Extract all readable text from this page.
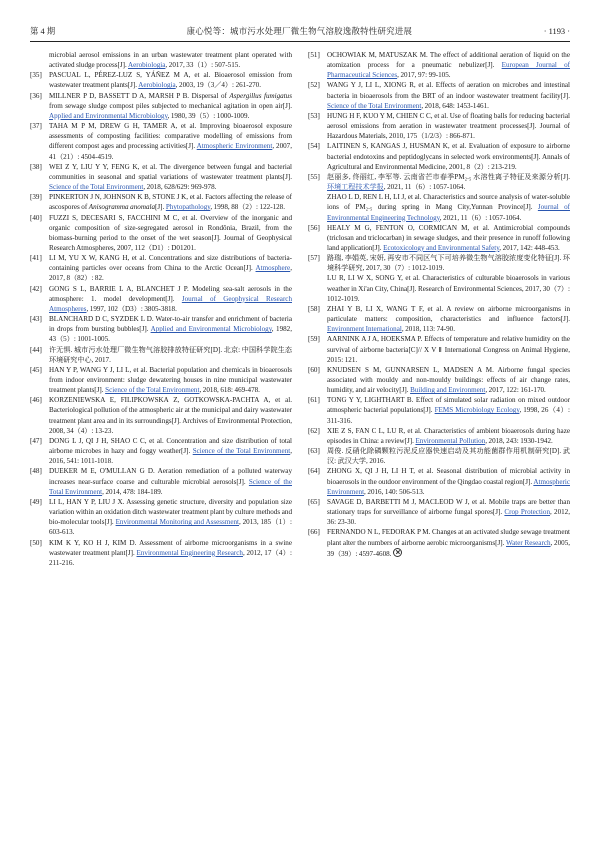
第 4 期	康心悦等：城市污水处理厂微生物气溶胶逸散特性研究进展	· 1193 ·
microbial aerosol emissions in an urban wastewater treatment plant operated with activated sludge process[J]. Aerobiologia, 2017, 33（1）: 507-515.
[35]	PASCUAL L, PÉREZ-LUZ S, YÁÑEZ M A, et al. Bioaerosol emission from wastewater treatment plants[J]. Aerobiologia, 2003, 19（3／4）: 261-270.
[36]	MILLNER P D, BASSETT D A, MARSH P B. Dispersal of Aspergillus fumigatus from sewage sludge compost piles subjected to mechanical agitation in open air[J]. Applied and Environmental Microbiology, 1980, 39（5）: 1000-1009.
[37]	TAHA M P M, DREW G H, TAMER A, et al. Improving bioaerosol exposure assessments of composting facilities: comparative modelling of emissions from different compost ages and processing activities[J]. Atmospheric Environment, 2007, 41（21）: 4504-4519.
[38]	WEI Z Y, LIU Y Y, FENG K, et al. The divergence between fungal and bacterial communities in seasonal and spatial variations of wastewater treatment plants[J]. Science of the Total Environment, 2018, 628/629: 969-978.
[39]	PINKERTON J N, JOHNSON K B, STONE J K, et al. Factors affecting the release of ascospores of Anisogramma anomala[J]. Phytopathology, 1998, 88（2）: 122-128.
[40]	FUZZI S, DECESARI S, FACCHINI M C, et al. Overview of the inorganic and organic composition of size-segregated aerosol in Rondônia, Brazil, from the biomass-burning period to the onset of the wet season[J]. Journal of Geophysical Research Atmospheres, 2007, 112（D1）: D01201.
[41]	LI M, YU X W, KANG H, et al. Concentrations and size distributions of bacteria-containing particles over oceans from China to the Arctic Ocean[J]. Atmosphere, 2017, 8（82）: 82.
[42]	GONG S L, BARRIE L A, BLANCHET J P. Modeling sea-salt aerosols in the atmosphere: 1. model development[J]. Journal of Geophysical Research Atmospheres, 1997, 102（D3）: 3805-3818.
[43]	BLANCHARD D C, SYZDEK L D. Water-to-air transfer and enrichment of bacteria in drops from bursting bubbles[J]. Applied and Environmental Microbiology, 1982, 43（5）: 1001-1005.
[44]	许无惧. 城市污水处理厂微生物气溶胶排放特征研究[D]. 北京: 中国科学院生态环境研究中心, 2017.
[45]	HAN Y P, WANG Y J, LI L, et al. Bacterial population and chemicals in bioaerosols from indoor environment: sludge dewatering houses in nine municipal wastewater treatment plants[J]. Science of the Total Environment, 2018, 618: 469-478.
[46]	KORZENIEWSKA E, FILIPKOWSKA Z, GOTKOWSKA-PACHTA A, et al. Bacteriological pollution of the atmospheric air at the municipal and dairy wastewater treatment plant area and in its surroundings[J]. Archives of Environmental Protection, 2008, 34（4）: 13-23.
[47]	DONG L J, QI J H, SHAO C C, et al. Concentration and size distribution of total airborne microbes in hazy and foggy weather[J]. Science of the Total Environment, 2016, 541: 1011-1018.
[48]	DUEKER M E, O'MULLAN G D. Aeration remediation of a polluted waterway increases near-surface coarse and culturable microbial aerosols[J]. Science of the Total Environment, 2014, 478: 184-189.
[49]	LI L, HAN Y P, LIU J X. Assessing genetic structure, diversity and population size variation within an oxidation ditch wastewater treatment plant by culture methods and bio-molecular tools[J]. Environmental Monitoring and Assessment, 2013, 185（1）: 603-613.
[50]	KIM K Y, KO H J, KIM D. Assessment of airborne microorganisms in a swine wastewater treatment plant[J]. Environmental Engineering Research, 2012, 17（4）: 211-216.
[51]	OCHOWIAK M, MATUSZAK M. The effect of additional aeration of liquid on the atomization process for a pneumatic nebulizer[J]. European Journal of Pharmaceutical Sciences, 2017, 97: 99-105.
[52]	WANG Y J, LI L, XIONG R, et al. Effects of aeration on microbes and intestinal bacteria in bioaerosols from the BRT of an indoor wastewater treatment facility[J]. Science of the Total Environment, 2018, 648: 1453-1461.
[53]	HUNG H F, KUO Y M, CHIEN C C, et al. Use of floating balls for reducing bacterial aerosol emissions from aeration in wastewater treatment processes[J]. Journal of Hazardous Materials, 2010, 175（1/2/3）: 866-871.
[54]	LAITINEN S, KANGAS J, HUSMAN K, et al. Evaluation of exposure to airborne bacterial endotoxins and peptidoglycans in selected work environments[J]. Annals of Agricultural and Environmental Medicine, 2001, 8（2）: 213-219.
[55]	赵丽多, 佟丽红, 李军等. 云南省芒市春季PM₂.₅ 水溶性离子特征及来源分析[J]. 环境工程技术学报, 2021, 11（6）: 1057-1064.
ZHAO L D, REN L H, LI J, et al. Characteristics and source analysis of water-soluble ions of PM₂.₅ during spring in Mang City,Yunnan Province[J]. Journal of Environmental Engineering Technology, 2021, 11（6）: 1057-1064.
[56]	HEALY M G, FENTON O, CORMICAN M, et al. Antimicrobial compounds (triclosan and triclocarban) in sewage sludges, and their presence in runoff following land application[J]. Ecotoxicology and Environmental Safety, 2017, 142: 448-453.
[57]	路瑞, 李娟英, 宋妍, 再安市不同区气下可培养微生物气溶胶浓度变化特征[J]. 环境科学研究, 2017, 30（7）: 1012-1019.
LU R, LI W X, SONG Y, et al. Characteristics of culturable bioaerosols in various weather in Xi'an City, China[J]. Research of Environmental Sciences, 2017, 30（7）: 1012-1019.
[58]	ZHAI Y B, LI X, WANG T F, et al. A review on airborne microorganisms in particulate matters: composition, characteristics and influence factors[J]. Environment International, 2018, 113: 74-90.
[59]	AARNINK A J A, HOEKSMA P. Effects of temperature and relative humidity on the survival of airborne bacteria[C]// X V Ⅱ International Congress on Animal Hygiene, 2015: 121.
[60]	KNUDSEN S M, GUNNARSEN L, MADSEN A M. Airborne fungal species associated with mouldy and non-mouldy buildings: effects of air change rates, humidity, and air velocity[J]. Building and Environment, 2017, 122: 161-170.
[61]	TONG Y Y, LIGHTHART B. Effect of simulated solar radiation on mixed outdoor atmospheric bacterial populations[J]. FEMS Microbiology Ecology, 1998, 26（4）: 311-316.
[62]	XIE Z S, FAN C L, LU R, et al. Characteristics of ambient bioaerosols during haze episodes in China: a review[J]. Environmental Pollution, 2018, 243: 1930-1942.
[63]	周俊. 反硝化除磷颗粒污泥反应器快速启动及其功能菌群作用机制研究[D]. 武汉: 武汉大学, 2016.
[64]	ZHONG X, QI J H, LI H T, et al. Seasonal distribution of microbial activity in bioaerosols in the outdoor environment of the Qingdao coastal region[J]. Atmospheric Environment, 2016, 140: 506-513.
[65]	SAVAGE D, BARBETTI M J, MACLEOD W J, et al. Mobile traps are better than stationary traps for surveillance of airborne fungal spores[J]. Crop Protection, 2012, 36: 23-30.
[66]	FERNANDO N L, FEDORAK P M. Changes at an activated sludge sewage treatment plant alter the numbers of airborne aerobic microorganisms[J]. Water Research, 2005, 39（39）: 4597-4608.
